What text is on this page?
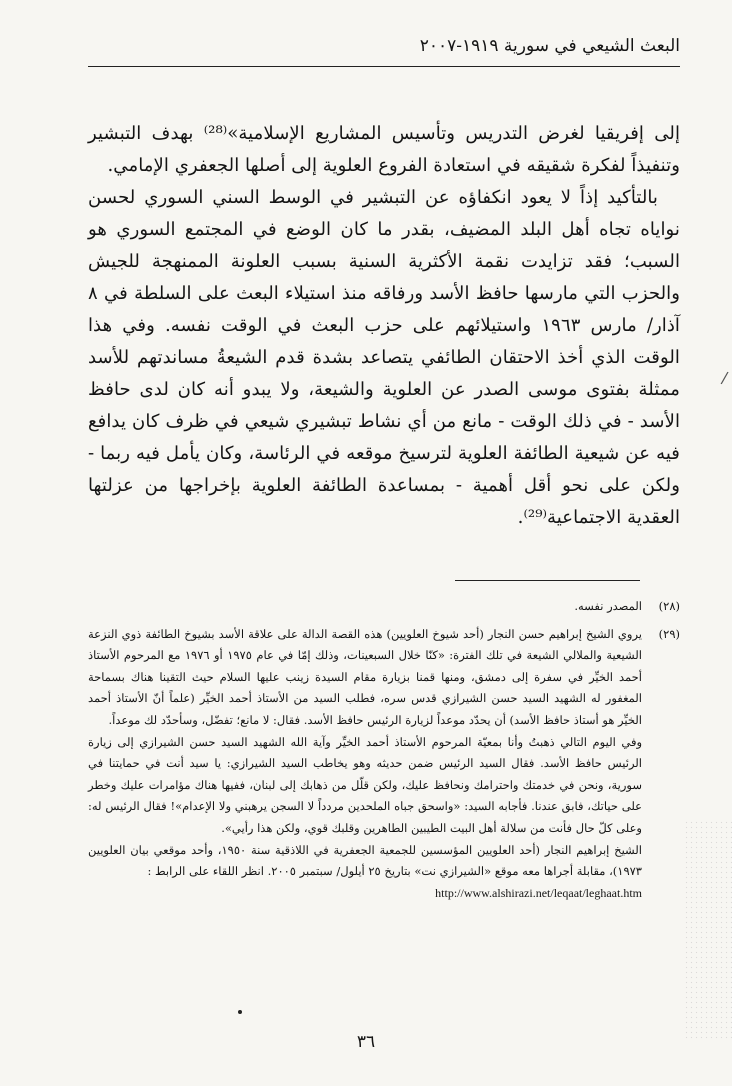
البعث الشيعي في سورية ١٩١٩-٢٠٠٧

إلى إفريقيا لغرض التدريس وتأسيس المشاريع الإسلامية»⁽²⁸⁾ بهدف التبشير وتنفيذاً لفكرة شقيقه في استعادة الفروع العلوية إلى أصلها الجعفري الإمامي.

بالتأكيد إذاً لا يعود انكفاؤه عن التبشير في الوسط السني السوري لحسن نواياه تجاه أهل البلد المضيف، بقدر ما كان الوضع في المجتمع السوري هو السبب؛ فقد تزايدت نقمة الأكثرية السنية بسبب العلونة الممنهجة للجيش والحزب التي مارسها حافظ الأسد ورفاقه منذ استيلاء البعث على السلطة في ٨ آذار/ مارس ١٩٦٣ واستيلائهم على حزب البعث في الوقت نفسه. وفي هذا الوقت الذي أخذ الاحتقان الطائفي يتصاعد بشدة قدم الشيعةُ مساندتهم للأسد ممثلة بفتوى موسى الصدر عن العلوية والشيعة، ولا يبدو أنه كان لدى حافظ الأسد - في ذلك الوقت - مانع من أي نشاط تبشيري شيعي في ظرف كان يدافع فيه عن شيعية الطائفة العلوية لترسيخ موقعه في الرئاسة، وكان يأمل فيه ربما - ولكن على نحو أقل أهمية - بمساعدة الطائفة العلوية بإخراجها من عزلتها العقدية الاجتماعية⁽²⁹⁾.

/
(٢٨)

المصدر نفسه.

(٢٩)

يروي الشيخ إبراهيم حسن النجار (أحد شيوخ العلويين) هذه القصة الدالة على علاقة الأسد بشيوخ الطائفة ذوي النزعة الشيعية والملالي الشيعة في تلك الفترة: «كنّا خلال السبعينات، وذلك إمّا في عام ١٩٧٥ أو ١٩٧٦ مع المرحوم الأستاذ أحمد الخيِّر في سفرة إلى دمشق، ومنها قمنا بزيارة مقام السيدة زينب عليها السلام حيث التقينا هناك بسماحة المغفور له الشهيد السيد حسن الشيرازي قدس سره، فطلب السيد من الأستاذ أحمد الخيِّر (علماً أنّ الأستاذ أحمد الخيِّر هو أستاذ حافظ الأسد) أن يحدّد موعداً لزيارة الرئيس حافظ الأسد. فقال: لا مانع؛ تفضّل، وسأحدّد لك موعداً.

وفي اليوم التالي ذهبتُ وأنا بمعيّة المرحوم الأستاذ أحمد الخيِّر وآية الله الشهيد السيد حسن الشيرازي إلى زيارة الرئيس حافظ الأسد. فقال السيد الرئيس ضمن حديثه وهو يخاطب السيد الشيرازي: يا سيد أنت في حمايتنا في سورية، ونحن في خدمتك واحترامك ونحافظ عليك، ولكن قلّل من ذهابك إلى لبنان، ففيها هناك مؤامرات عليك وخطر على حياتك، فابق عندنا. فأجابه السيد: «واسحق جباه الملحدين مردداً لا السجن يرهبني ولا الإعدام»! فقال الرئيس له: وعلى كلّ حال فأنت من سلالة أهل البيت الطيبين الطاهرين وقلبك قوي، ولكن هذا رأيي».

الشيخ إبراهيم النجار (أحد العلويين المؤسسين للجمعية الجعفرية في اللاذقية سنة ١٩٥٠، وأحد موقعي بيان العلويين ١٩٧٣)، مقابلة أجراها معه موقع «الشيرازي نت» بتاريخ ٢٥ أيلول/ سبتمبر ٢٠٠٥. انظر اللقاء على الرابط :

http://www.alshirazi.net/leqaat/leghaat.htm

٣٦
